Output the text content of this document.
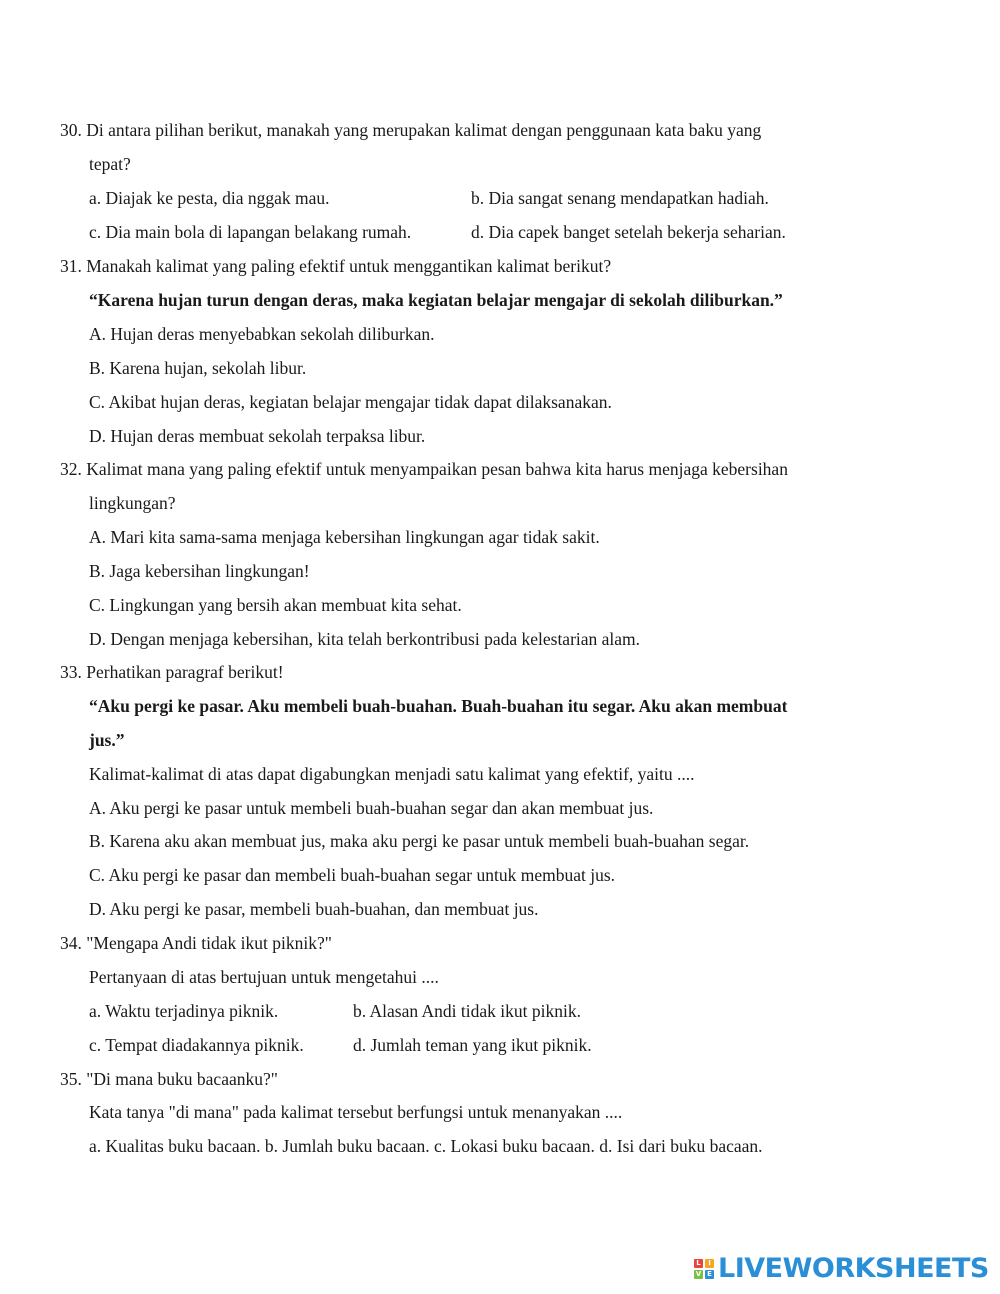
30. Di antara pilihan berikut, manakah yang merupakan kalimat dengan penggunaan kata baku yang
tepat?
a. Diajak ke pesta, dia nggak mau.	b. Dia sangat senang mendapatkan hadiah.
c. Dia main bola di lapangan belakang rumah.	d. Dia capek banget setelah bekerja seharian.
31. Manakah kalimat yang paling efektif untuk menggantikan kalimat berikut?
“Karena hujan turun dengan deras, maka kegiatan belajar mengajar di sekolah diliburkan.”
A. Hujan deras menyebabkan sekolah diliburkan.
B. Karena hujan, sekolah libur.
C. Akibat hujan deras, kegiatan belajar mengajar tidak dapat dilaksanakan.
D. Hujan deras membuat sekolah terpaksa libur.
32. Kalimat mana yang paling efektif untuk menyampaikan pesan bahwa kita harus menjaga kebersihan
lingkungan?
A. Mari kita sama-sama menjaga kebersihan lingkungan agar tidak sakit.
B. Jaga kebersihan lingkungan!
C. Lingkungan yang bersih akan membuat kita sehat.
D. Dengan menjaga kebersihan, kita telah berkontribusi pada kelestarian alam.
33. Perhatikan paragraf berikut!
“Aku pergi ke pasar. Aku membeli buah-buahan. Buah-buahan itu segar. Aku akan membuat
jus.”
Kalimat-kalimat di atas dapat digabungkan menjadi satu kalimat yang efektif, yaitu ....
A. Aku pergi ke pasar untuk membeli buah-buahan segar dan akan membuat jus.
B. Karena aku akan membuat jus, maka aku pergi ke pasar untuk membeli buah-buahan segar.
C. Aku pergi ke pasar dan membeli buah-buahan segar untuk membuat jus.
D. Aku pergi ke pasar, membeli buah-buahan, dan membuat jus.
34. "Mengapa Andi tidak ikut piknik?"
Pertanyaan di atas bertujuan untuk mengetahui ....
a. Waktu terjadinya piknik.	b. Alasan Andi tidak ikut piknik.
c. Tempat diadakannya piknik.	d. Jumlah teman yang ikut piknik.
35. "Di mana buku bacaanku?"
Kata tanya "di mana" pada kalimat tersebut berfungsi untuk menanyakan ....
a. Kualitas buku bacaan. b. Jumlah buku bacaan. c. Lokasi buku bacaan. d. Isi dari buku bacaan.
L	I
V E LIVEWORKSHEETS
